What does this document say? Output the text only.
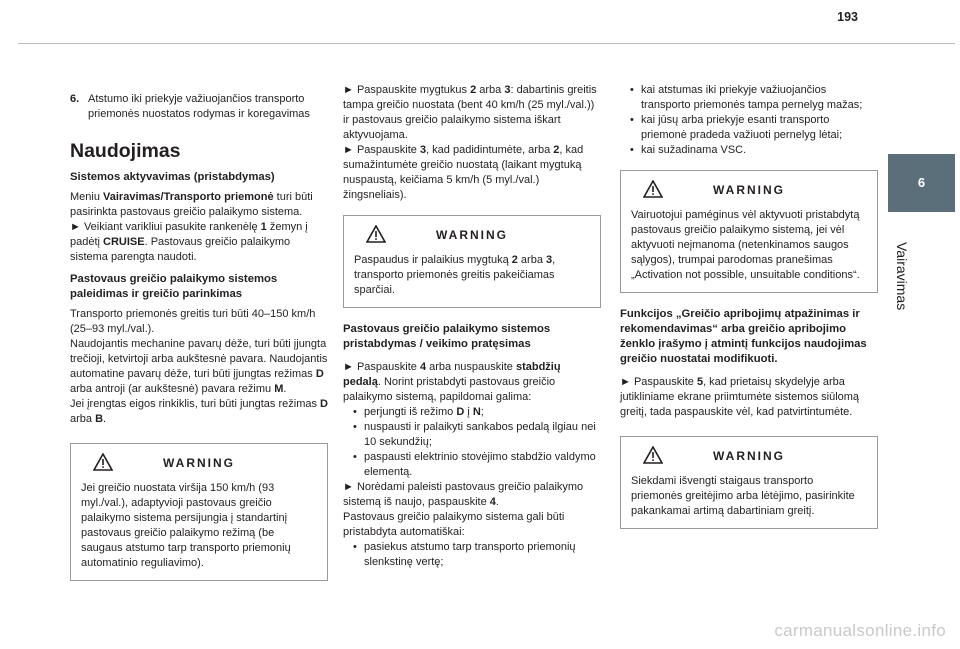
193
6
Vairavimas
6. Atstumo iki priekyje važiuojančios transporto priemonės nuostatos rodymas ir koregavimas
Naudojimas
Sistemos aktyvavimas (pristabdymas)

Meniu Vairavimas/Transporto priemonė turi būti pasirinkta pastovaus greičio palaikymo sistema.

► Veikiant varikliui pasukite rankenėlę 1 žemyn į padėtį CRUISE. Pastovaus greičio palaikymo sistema parengta naudoti.

Pastovaus greičio palaikymo sistemos paleidimas ir greičio parinkimas

Transporto priemonės greitis turi būti 40–150 km/h (25–93 myl./val.).

Naudojantis mechanine pavarų dėže, turi būti įjungta trečioji, ketvirtoji arba aukštesnė pavara. Naudojantis automatine pavarų dėže, turi būti įjungtas režimas D arba antroji (ar aukštesnė) pavara režimu M.

Jei įrengtas eigos rinkiklis, turi būti jungtas režimas D arba B.

WARNING

Jei greičio nuostata viršija 150 km/h (93 myl./val.), adaptyvioji pastovaus greičio palaikymo sistema persijungia į standartinį pastovaus greičio palaikymo režimą (be saugaus atstumo tarp transporto priemonių automatinio reguliavimo).

► Paspauskite mygtukus 2 arba 3: dabartinis greitis tampa greičio nuostata (bent 40 km/h (25 myl./val.)) ir pastovaus greičio palaikymo sistema iškart aktyvuojama.

► Paspauskite 3, kad padidintumėte, arba 2, kad sumažintumėte greičio nuostatą (laikant mygtuką nuspaustą, keičiama 5 km/h (5 myl./val.) žingsneliais).

WARNING

Paspaudus ir palaikius mygtuką 2 arba 3, transporto priemonės greitis pakeičiamas sparčiai.

Pastovaus greičio palaikymo sistemos pristabdymas / veikimo pratęsimas

► Paspauskite 4 arba nuspauskite stabdžių pedalą. Norint pristabdyti pastovaus greičio palaikymo sistemą, papildomai galima:

• perjungti iš režimo D į N;
• nuspausti ir palaikyti sankabos pedalą ilgiau nei 10 sekundžių;
• paspausti elektrinio stovėjimo stabdžio valdymo elementą.

► Norėdami paleisti pastovaus greičio palaikymo sistemą iš naujo, paspauskite 4.

Pastovaus greičio palaikymo sistema gali būti pristabdyta automatiškai:

• pasiekus atstumo tarp transporto priemonių slenkstinę vertę;
• kai atstumas iki priekyje važiuojančios transporto priemonės tampa pernelyg mažas;
• kai jūsų arba priekyje esanti transporto priemonė pradeda važiuoti pernelyg lėtai;
• kai sužadinama VSC.
WARNING

Vairuotojui paméginus vėl aktyvuoti pristabdytą pastovaus greičio palaikymo sistemą, jei vėl aktyvuoti neįmanoma (netenkinamos saugos sąlygos), trumpai parodomas pranešimas „Activation not possible, unsuitable conditions“.

Funkcijos „Greičio apribojimų atpažinimas ir rekomendavimas“ arba greičio apribojimo ženklo įrašymo į atmintį funkcijos naudojimas greičio nuostatai modifikuoti.

► Paspauskite 5, kad prietaisų skydelyje arba jutikliniame ekrane priimtumėte sistemos siūlomą greitį, tada paspauskite vėl, kad patvirtintumėte.

WARNING

Siekdami išvengti staigaus transporto priemonės greitėjimo arba lėtėjimo, pasirinkite pakankamai artimą dabartiniam greitį.

carmanualsonline.info
